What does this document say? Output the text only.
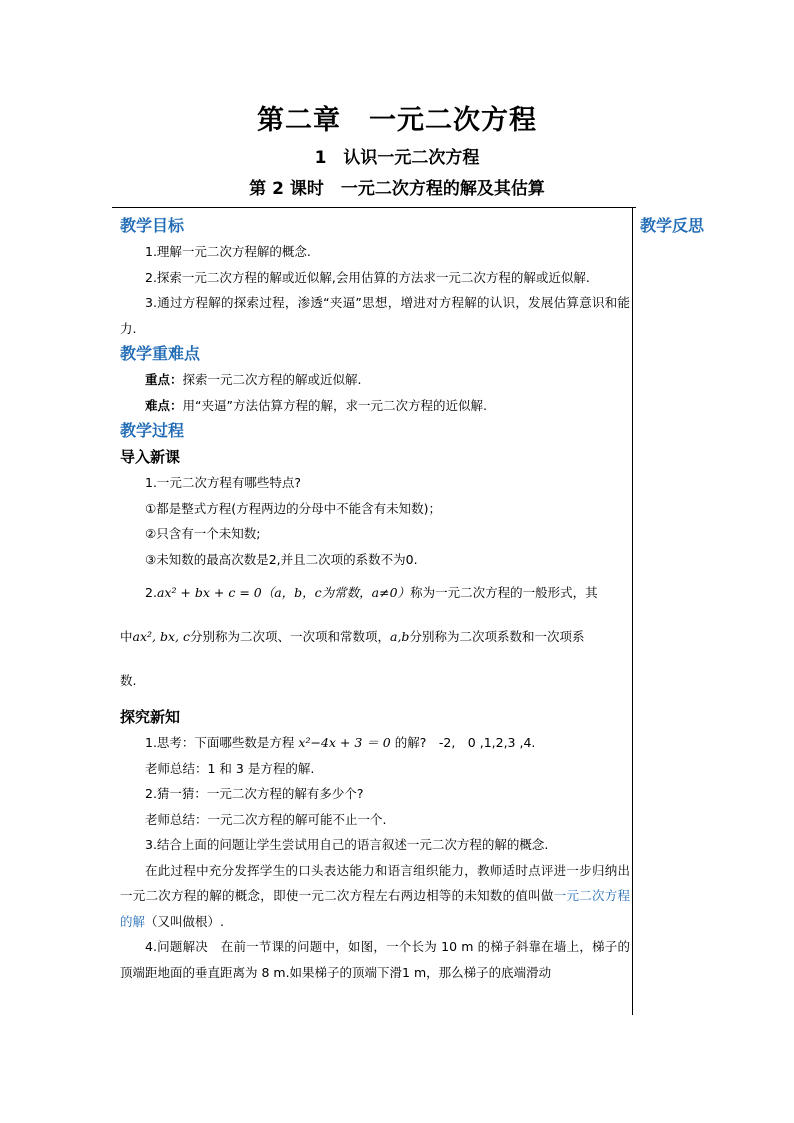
第二章　一元二次方程
1　认识一元二次方程
第 2 课时　一元二次方程的解及其估算
教学反思
教学目标

1.理解一元二次方程解的概念.

2.探索一元二次方程的解或近似解,会用估算的方法求一元二次方程的解或近似解.

3.通过方程解的探索过程，渗透“夹逼”思想，增进对方程解的认识，发展估算意识和能力.

教学重难点

重点：探索一元二次方程的解或近似解.

难点：用“夹逼”方法估算方程的解，求一元二次方程的近似解.

教学过程
导入新课

1.一元二次方程有哪些特点?

①都是整式方程(方程两边的分母中不能含有未知数)；

②只含有一个未知数;

③未知数的最高次数是2,并且二次项的系数不为0.

2.ax² + bx + c = 0（a，b，c为常数，a≠0）称为一元二次方程的一般形式，其

中ax², bx, c分别称为二次项、一次项和常数项，a,b分别称为二次项系数和一次项系

数.

探究新知

1.思考：下面哪些数是方程 x²−4x + 3 ＝ 0 的解?　-2,　0 ,1,2,3 ,4.

老师总结：1 和 3 是方程的解.

2.猜一猜：一元二次方程的解有多少个?

老师总结：一元二次方程的解可能不止一个.

3.结合上面的问题让学生尝试用自己的语言叙述一元二次方程的解的概念.

在此过程中充分发挥学生的口头表达能力和语言组织能力，教师适时点评进一步归纳出一元二次方程的解的概念，即使一元二次方程左右两边相等的未知数的值叫做一元二次方程的解（又叫做根）.

4.问题解决　在前一节课的问题中，如图，一个长为 10 m 的梯子斜靠在墙上，梯子的顶端距地面的垂直距离为 8 m.如果梯子的顶端下滑1 m，那么梯子的底端滑动
